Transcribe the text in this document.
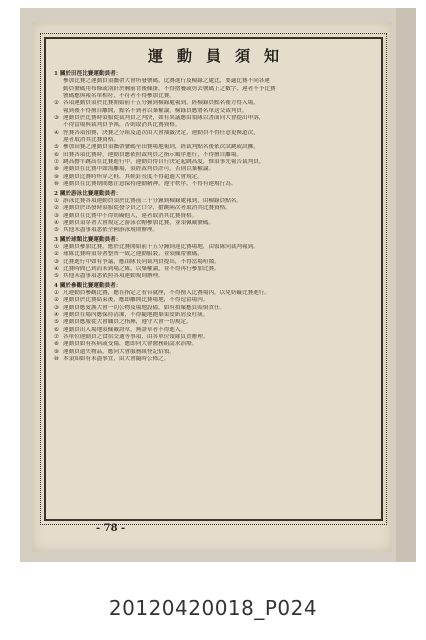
運動員須知
1 關於田徑比賽運動員者：
參加比賽之運動員須攜帶大會所發號碼，比賽進行及檢錄之處比，要適比賽不同各運
動員號碼用布條或別針於胸前背後佩掛，不得摺疊或剪去號碼上之數字，違者不予比賽
號碼應與報名單相符，不符者不得參加比賽。
② 各項運動員須於比賽開始前十五分鐘到檢錄處報到，經檢錄員點名後方得入場，
報到後不得擅自離開，點名不到者以棄權論，檢錄員應將名單送交裁判員。
③ 運動員於比賽時須服從裁判員之判決，如有異議應由領隊以書面向大會提出申訴，
不得當場與裁判員爭執，否則取消其比賽資格。
④ 徑賽各項預賽，決賽之分組及道次由大會抽籤決定，運動員不得任意更換道次，
違者取消其比賽資格。
⑤ 參加田賽之運動員須攜帶號碼至田賽場地報到，經裁判點名後依次試跳或試擲。
⑥ 田賽各項比賽時，運動員應依照裁判員之指示順序進行，不得擅自離場。
⑦ 跳高撐竿跳高在比賽進行中，運動員得自行決定起跳高度，惟須事先報告裁判員。
⑧ 運動員在比賽中如需離場，須經裁判員許可，否則以棄權論。
⑨ 運動員比賽時所穿之鞋，其鞋釘長度不得超過大會規定。
⑩ 運動員在比賽期間應注意保持運動精神，遵守秩序，不得有違規行為。
2 關於游泳比賽運動員者：
① 游泳比賽各項運動員須於比賽前三十分鐘到檢錄處報到，由檢錄員點名。
② 運動員於出發時須服從發令員之口令，搶跳兩次者取消其比賽資格。
③ 運動員在比賽中不得妨礙他人，違者取消其比賽資格。
④ 運動員須穿著大會規定之游泳衣帽參加比賽，並須佩戴號碼。
⑤ 其他未盡事項悉依全國游泳規則辦理。
3 關於球類比賽運動員者：
① 運動員參加比賽，應於比賽開始前十五分鐘到達比賽場地，由領隊向裁判報到。
② 球隊比賽時須穿著整齊一致之運動服裝，並須佩帶號碼。
③ 比賽進行中如有爭議，應由隊長向裁判員提出，不得當場喧鬧。
④ 比賽時間已到而未到場之隊，以棄權論，並不得再行參加比賽。
⑤ 其他未盡事項悉依照各項運動規則辦理。
4 關於參觀比賽運動員者：
① 凡運動員參觀比賽，應在指定之看台就座，不得擅入比賽場內，以免妨礙比賽進行。
② 運動員於比賽結束後，應即離開比賽場地，不得逗留場內。
③ 運動員應愛護大會一切公物及場地設備，如有損壞應負賠償責任。
④ 運動員在場內應保持清潔，不得隨地拋棄果皮紙屑及吐痰。
⑤ 運動員應服從大會職員之指揮，遵守大會一切規定。
⑥ 運動員出入場地須佩戴證章，無證章者不得進入。
⑦ 各單位運動員之食宿交通等事項，由各單位領隊負責辦理。
⑧ 運動員如有疾病或受傷，應即向大會醫務組請求治療。
⑨ 運動員遺失物品，應向大會服務組登記招領。
⑩ 本須知如有未盡事宜，由大會隨時公佈之。
- 78 -
20120420018_P024
